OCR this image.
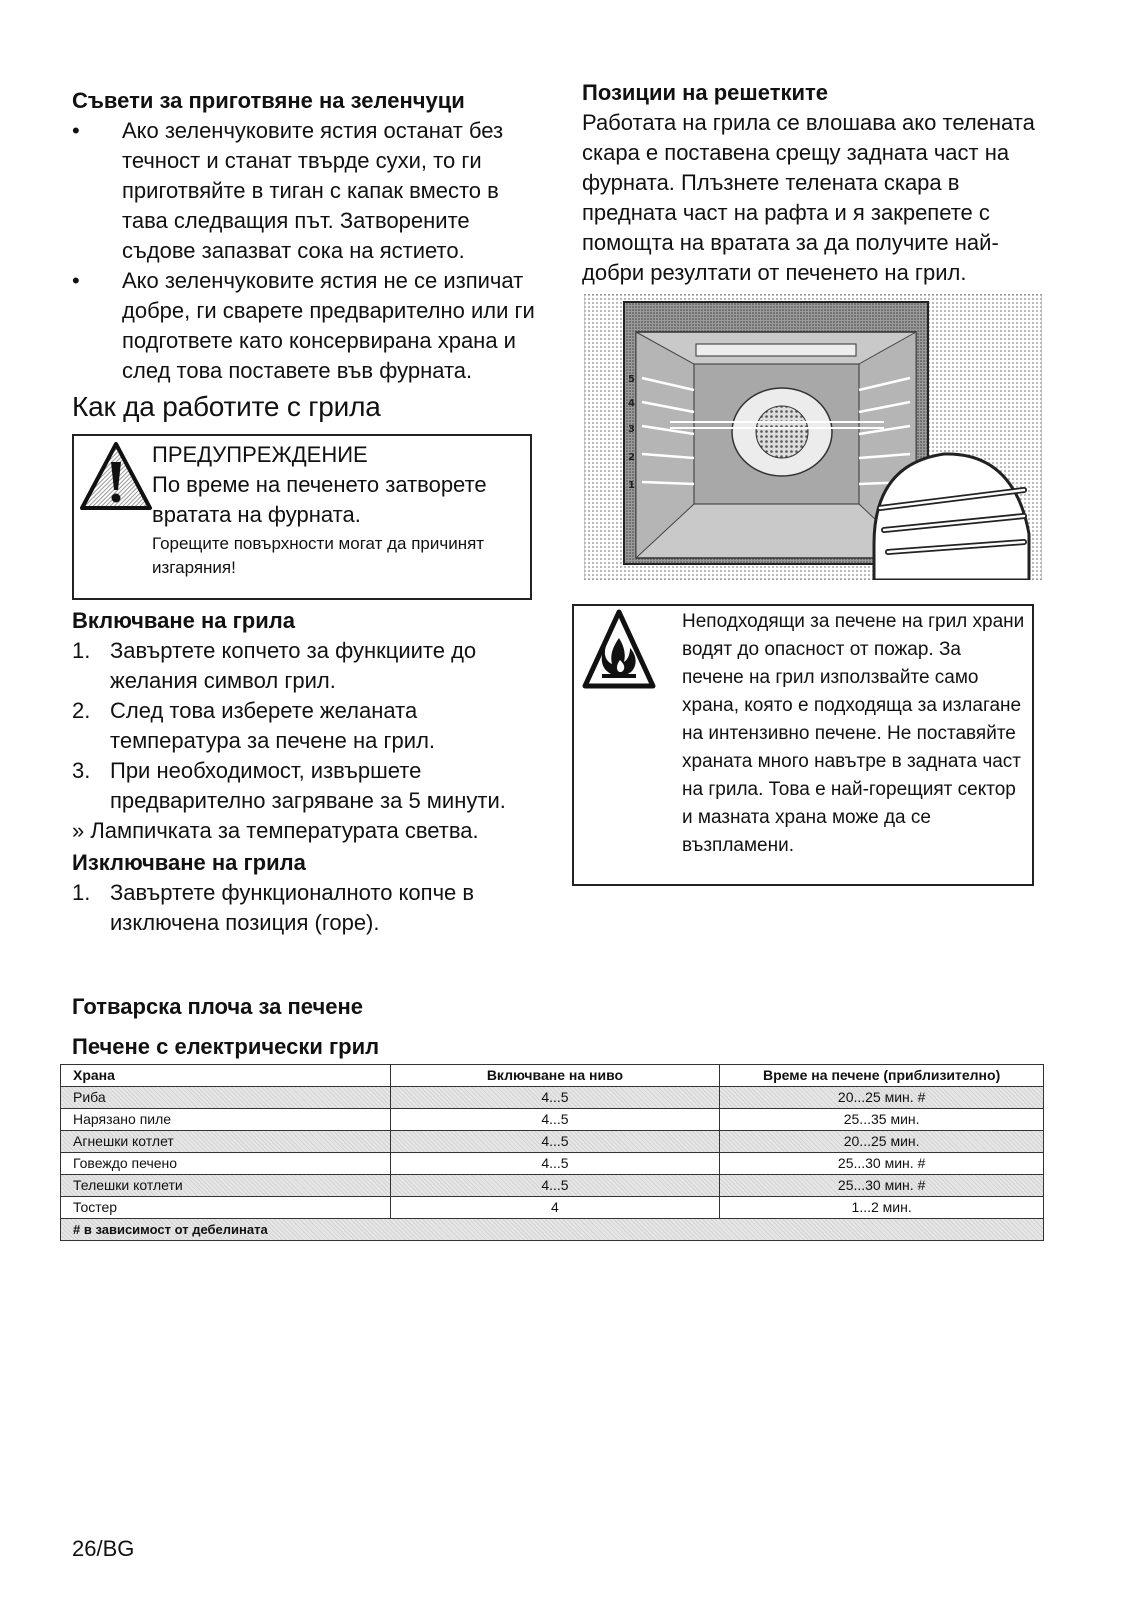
Съвети за приготвяне на зеленчуци

• Ако зеленчуковите ястия останат без течност и станат твърде сухи, то ги приготвяйте в тиган с капак вместо в тава следващия път. Затворените съдове запазват сока на ястието.
• Ако зеленчуковите ястия не се изпичат добре, ги сварете предварително или ги подгответе като консервирана храна и след това поставете във фурната.

Как да работите с грила

ПРЕДУПРЕЖДЕНИЕ
По време на печенето затворете вратата на фурната.
Горещите повърхности могат да причинят изгаряния!

Включване на грила

1. Завъртете копчето за функциите до желания символ грил.
2. След това изберете желаната температура за печене на грил.
3. При необходимост, извършете предварително загряване за 5 минути.

» Лампичката за температурата светва.

Изключване на грила

1. Завъртете функционалното копче в изключена позиция (горе).

Позиции на решетките

Работата на грила се влошава ако телената скара е поставена срещу задната част на фурната. Плъзнете телената скара в предната част на рафта и я закрепете с помощта на вратата за да получите най-добри резултати от печенето на грил.

5
4
3
2
1
Неподходящи за печене на грил храни водят до опасност от пожар. За печене на грил използвайте само храна, която е подходяща за излагане на интензивно печене. Не поставяйте храната много навътре в задната част на грила. Това е най-горещият сектор и мазната храна може да се възпламени.

Готварска плоча за печене

Печене с електрически грил

Храна	Включване на ниво	Време на печене (приблизително)
Риба	4...5	20...25 мин. #
Нарязано пиле	4...5	25...35 мин.
Агнешки котлет	4...5	20...25 мин.
Говеждо печено	4...5	25...30 мин. #
Телешки котлети	4...5	25...30 мин. #
Тостер	4	1...2 мин.
# в зависимост от дебелината		
26/BG
